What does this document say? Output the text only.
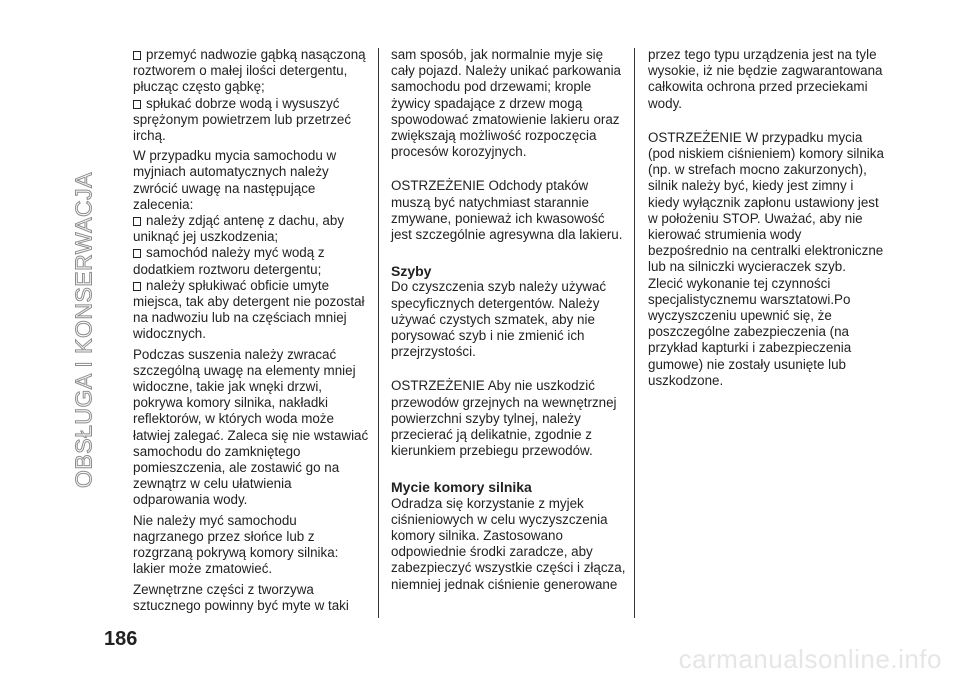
OBSŁUGA I KONSERWACJA

przemyć nadwozie gąbką nasączoną roztworem o małej ilości detergentu, płucząc często gąbkę;

spłukać dobrze wodą i wysuszyć sprężonym powietrzem lub przetrzeć irchą.

W przypadku mycia samochodu w myjniach automatycznych należy zwrócić uwagę na następujące zalecenia:

należy zdjąć antenę z dachu, aby uniknąć jej uszkodzenia;

samochód należy myć wodą z dodatkiem roztworu detergentu;

należy spłukiwać obficie umyte miejsca, tak aby detergent nie pozostał na nadwoziu lub na częściach mniej widocznych.

Podczas suszenia należy zwracać szczególną uwagę na elementy mniej widoczne, takie jak wnęki drzwi, pokrywa komory silnika, nakładki reflektorów, w których woda może łatwiej zalegać. Zaleca się nie wstawiać samochodu do zamkniętego pomieszczenia, ale zostawić go na zewnątrz w celu ułatwienia odparowania wody.

Nie należy myć samochodu nagrzanego przez słońce lub z rozgrzaną pokrywą komory silnika: lakier może zmatowieć.

Zewnętrzne części z tworzywa sztucznego powinny być myte w taki

sam sposób, jak normalnie myje się cały pojazd. Należy unikać parkowania samochodu pod drzewami; krople żywicy spadające z drzew mogą spowodować zmatowienie lakieru oraz zwiększają możliwość rozpoczęcia procesów korozyjnych.

OSTRZEŻENIE Odchody ptaków muszą być natychmiast starannie zmywane, ponieważ ich kwasowość jest szczególnie agresywna dla lakieru.

Szyby

Do czyszczenia szyb należy używać specyficznych detergentów. Należy używać czystych szmatek, aby nie porysować szyb i nie zmienić ich przejrzystości.

OSTRZEŻENIE Aby nie uszkodzić przewodów grzejnych na wewnętrznej powierzchni szyby tylnej, należy przecierać ją delikatnie, zgodnie z kierunkiem przebiegu przewodów.

Mycie komory silnika

Odradza się korzystanie z myjek ciśnieniowych w celu wyczyszczenia komory silnika. Zastosowano odpowiednie środki zaradcze, aby zabezpieczyć wszystkie części i złącza, niemniej jednak ciśnienie generowane

przez tego typu urządzenia jest na tyle wysokie, iż nie będzie zagwarantowana całkowita ochrona przed przeciekami wody.

OSTRZEŻENIE W przypadku mycia (pod niskiem ciśnieniem) komory silnika (np. w strefach mocno zakurzonych), silnik należy być, kiedy jest zimny i kiedy wyłącznik zapłonu ustawiony jest w położeniu STOP. Uważać, aby nie kierować strumienia wody bezpośrednio na centralki elektroniczne lub na silniczki wycieraczek szyb. Zlecić wykonanie tej czynności specjalistycznemu warsztatowi.Po wyczyszczeniu upewnić się, że poszczególne zabezpieczenia (na przykład kapturki i zabezpieczenia gumowe) nie zostały usunięte lub uszkodzone.

186
carmanualsonline.info
